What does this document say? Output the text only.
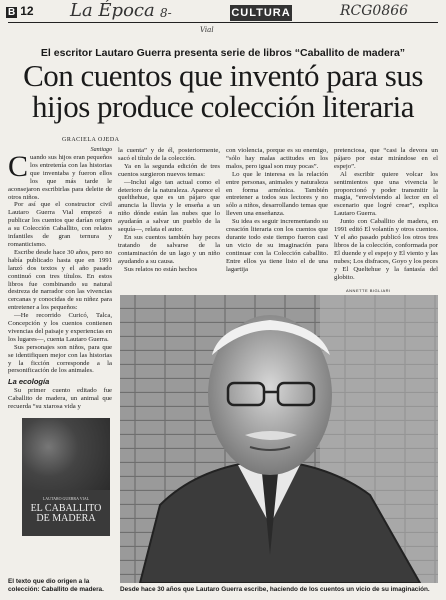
B 12 La Época 8-	CULTURA	RCG0866
Vial
El escritor Lautaro Guerra presenta serie de libros “Caballito de madera”
Con cuentos que inventó para sus
hijos produce colección literaria
GRACIELA OJEDA
Santiago

Cuando sus hijos eran pequeños los entretenía con las historias que inventaba y fueron ellos los que más tarde le aconsejaron escribirlas para deleite de otros niños.

Por así que el constructor civil Lautaro Guerra Vial empezó a publicar los cuentos que darían origen a su Colección Caballito, con relatos infantiles de gran ternura y romanticismo.

Escribe desde hace 30 años, pero no había publicado hasta que en 1991 lanzó dos textos y el año pasado continuó con tres títulos. En estos libros fue combinando su natural destreza de narrador con las vivencias cercanas y conocidas de su niñez para entretener a los pequeños:

—He recorrido Curicó, Talca, Concepción y los cuentos contienen vivencias del paisaje y experiencias en los lugares—, cuenta Lautaro Guerra.

Sus personajes son niños, para que se identifiquen mejor con las historias y la ficción corresponde a la personificación de los animales.

La ecología

Su primer cuento editado fue Caballito de madera, un animal que recuerda “su xtarosa vida y

la cuenta” y de él, posteriormente, sacó el título de la colección.

Ya en la segunda edición de tres cuentos surgieron nuevos temas:

—Inclui algo tan actual como el deterioro de la naturaleza. Aparece el quelthehue, que es un pájaro que anuncia la lluvia y le enseña a un niño dónde están las nubes que lo ayudarán a salvar un pueblo de la sequía—, relata el autor.

En sus cuentos también hay peces tratando de salvarse de la contaminación de un lago y un niño ayudando a su causa.

Sus relatos no están hechos

con violencia, porque es su enemigo, “sólo hay malas actitudes en los malos, pero igual son muy pocas”.

Lo que le interesa es la relación entre personas, animales y naturaleza en forma armónica. También entretener a todos sus lectores y no sólo a niños, desarrollando temas que lleven una enseñanza.

Su idea es seguir incrementando su creación literaria con los cuentos que durante todo este tiempo fueron casi un vicio de su imaginación para continuar con la Colección caballito. Entre ellos ya tiene listo el de una lagartija

pretenciosa, que “casi la devora un pájaro por estar mirándose en el espejo”.

Al escribir quiere volcar los sentimientos que una vivencia le proporcionó y poder transmitir la magia, “envolviendo al lector en el escenario que logré crear”, explica Lautaro Guerra.

Junto con Caballito de madera, en 1991 editó El volantín y otros cuentos. Y el año pasado publicó los otros tres libros de la colección, conformada por El duende y el espejo y El viento y las nubes; Los disfraces, Goyo y los peces y El Queltehue y la fantasía del globito.

LAUTARO GUERRA VIAL
EL CABALLITO
DE MADERA
El texto que dio origen a la colección: Caballito de madera.
ANNETTE BIGLIARI
Desde hace 30 años que Lautaro Guerra escribe, haciendo de los cuentos un vicio de su imaginación.
